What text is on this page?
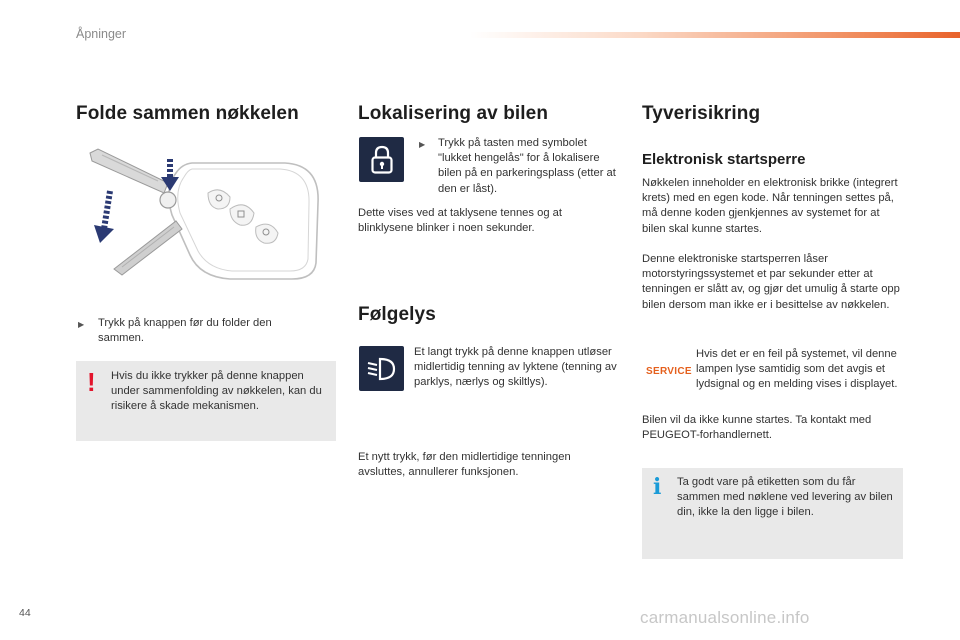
Åpninger
Folde sammen nøkkelen
▶ Trykk på knappen før du folder den sammen.
! Hvis du ikke trykker på denne knappen under sammenfolding av nøkkelen, kan du risikere å skade mekanismen.
Lokalisering av bilen
▶ Trykk på tasten med symbolet "lukket hengelås" for å lokalisere bilen på en parkeringsplass (etter at den er låst).
Dette vises ved at taklysene tennes og at blinklysene blinker i noen sekunder.
Følgelys
Et langt trykk på denne knappen utløser midlertidig tenning av lyktene (tenning av parklys, nærlys og skiltlys).
Et nytt trykk, før den midlertidige tenningen avsluttes, annullerer funksjonen.
Tyverisikring
Elektronisk startsperre
Nøkkelen inneholder en elektronisk brikke (integrert krets) med en egen kode. Når tenningen settes på, må denne koden gjenkjennes av systemet for at bilen skal kunne startes.
Denne elektroniske startsperren låser motorstyringssystemet et par sekunder etter at tenningen er slått av, og gjør det umulig å starte opp bilen dersom man ikke er i besittelse av nøkkelen.
SERVICE
Hvis det er en feil på systemet, vil denne lampen lyse samtidig som det avgis et lydsignal og en melding vises i displayet.
Bilen vil da ikke kunne startes. Ta kontakt med PEUGEOT-forhandlernett.
i Ta godt vare på etiketten som du får sammen med nøklene ved levering av bilen din, ikke la den ligge i bilen.
44	carmanualsonline.info
